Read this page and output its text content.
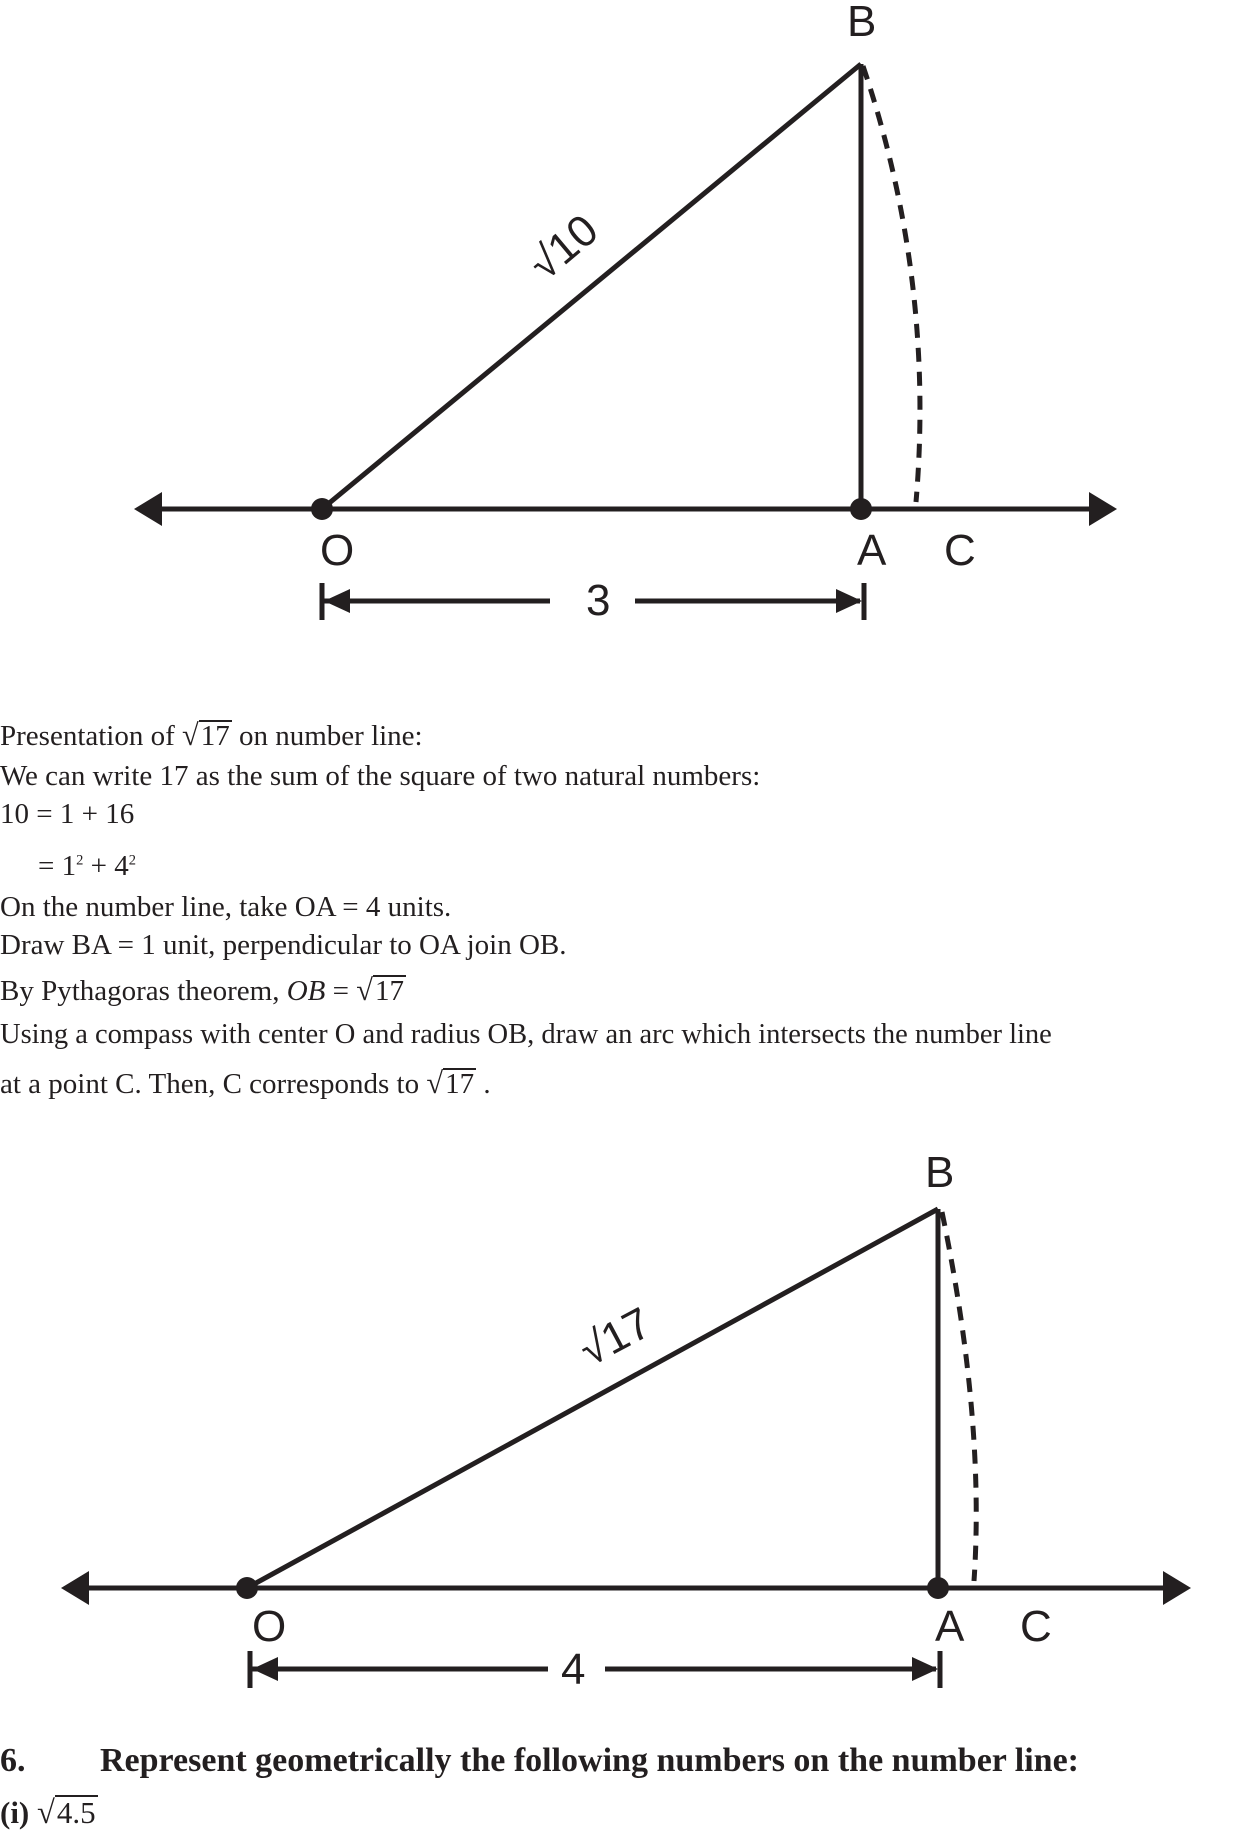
B
O	A C
3
√10
B
O	A C
4
√17
Presentation of √17 on number line:
We can write 17 as the sum of the square of two natural numbers:
10 = 1 + 16
= $1^2 + 4^2$
On the number line, take OA = 4 units.
Draw BA = 1 unit, perpendicular to OA join OB.
By Pythagoras theorem, OB = √17
Using a compass with center O and radius OB, draw an arc which intersects the number line
at a point C. Then, C corresponds to √17 .
6. Represent geometrically the following numbers on the number line:
(i) √4.5
